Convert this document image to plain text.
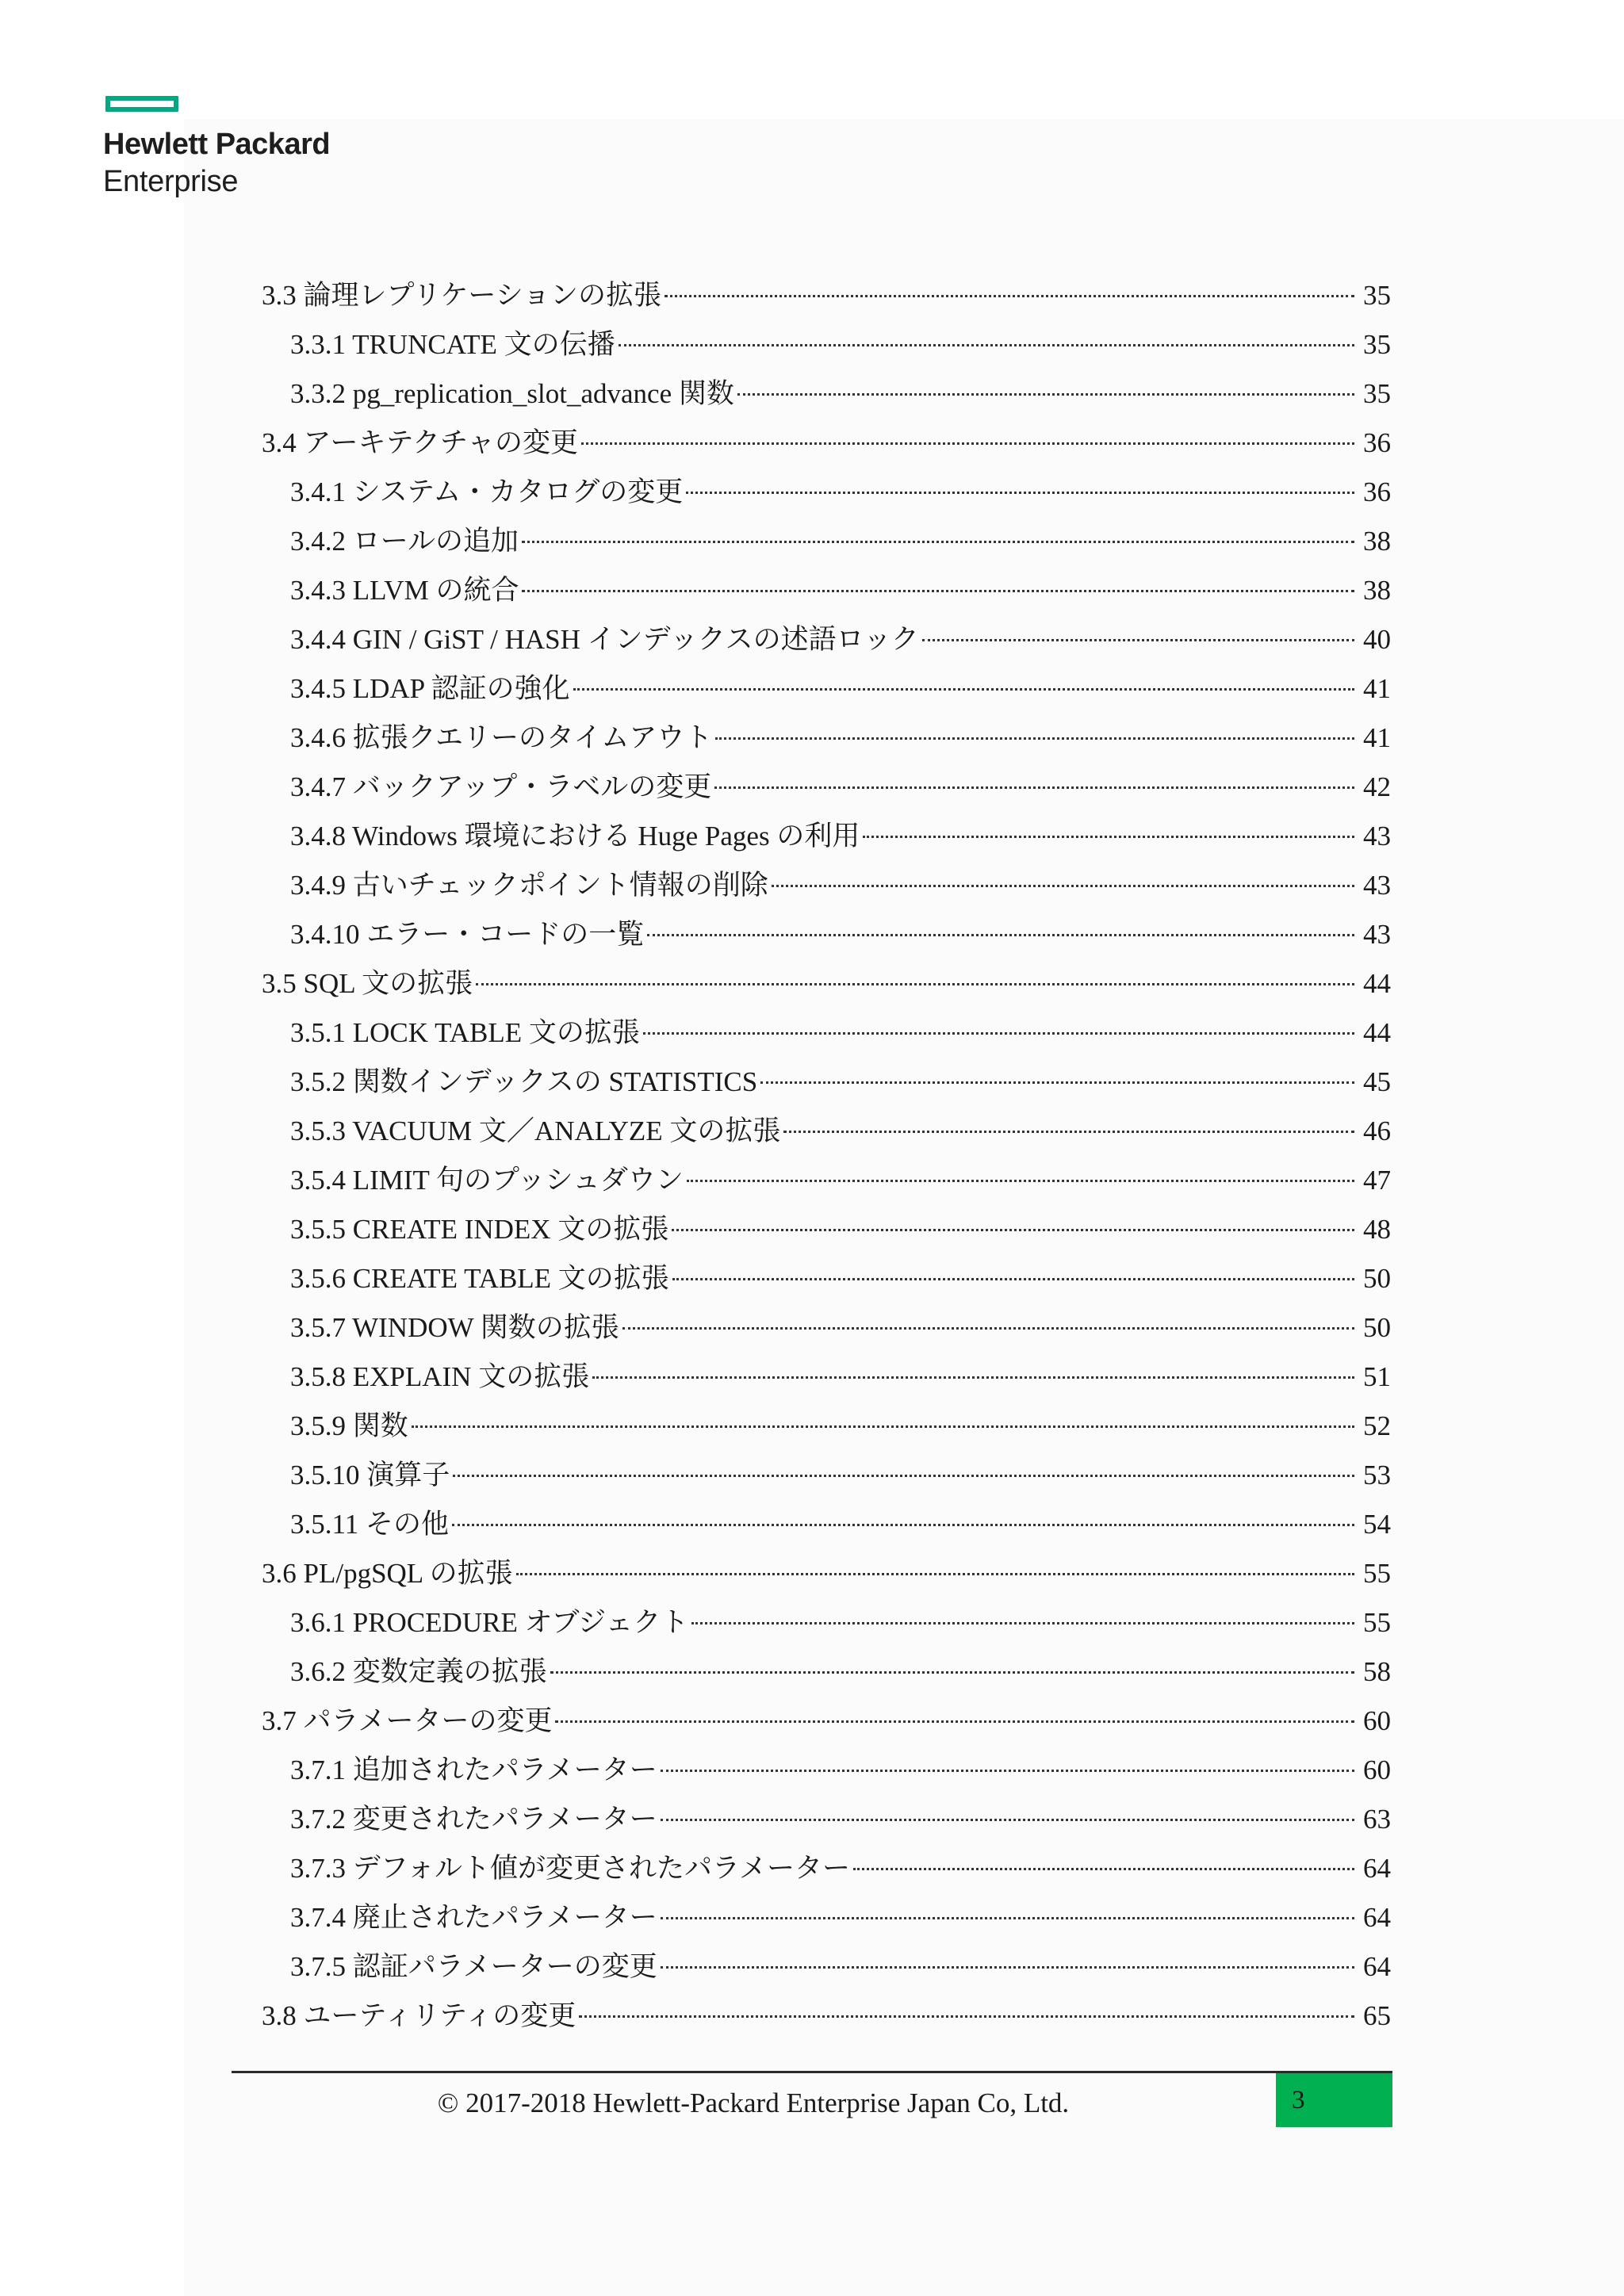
Hewlett Packard
Enterprise
3.3 論理レプリケーションの拡張	35
3.3.1 TRUNCATE 文の伝播	35
3.3.2 pg_replication_slot_advance 関数	35
3.4 アーキテクチャの変更	36
3.4.1 システム・カタログの変更	36
3.4.2 ロールの追加	38
3.4.3 LLVM の統合	38
3.4.4 GIN / GiST / HASH インデックスの述語ロック	40
3.4.5 LDAP 認証の強化	41
3.4.6 拡張クエリーのタイムアウト	41
3.4.7 バックアップ・ラベルの変更	42
3.4.8 Windows 環境における Huge Pages の利用	43
3.4.9 古いチェックポイント情報の削除	43
3.4.10 エラー・コードの一覧	43
3.5 SQL 文の拡張	44
3.5.1 LOCK TABLE 文の拡張	44
3.5.2 関数インデックスの STATISTICS	45
3.5.3 VACUUM 文／ANALYZE 文の拡張	46
3.5.4 LIMIT 句のプッシュダウン	47
3.5.5 CREATE INDEX 文の拡張	48
3.5.6 CREATE TABLE 文の拡張	50
3.5.7 WINDOW 関数の拡張	50
3.5.8 EXPLAIN 文の拡張	51
3.5.9 関数	52
3.5.10 演算子	53
3.5.11 その他	54
3.6 PL/pgSQL の拡張	55
3.6.1 PROCEDURE オブジェクト	55
3.6.2 変数定義の拡張	58
3.7 パラメーターの変更	60
3.7.1 追加されたパラメーター	60
3.7.2 変更されたパラメーター	63
3.7.3 デフォルト値が変更されたパラメーター	64
3.7.4 廃止されたパラメーター	64
3.7.5 認証パラメーターの変更	64
3.8 ユーティリティの変更	65
© 2017-2018 Hewlett-Packard Enterprise Japan Co, Ltd.	3
